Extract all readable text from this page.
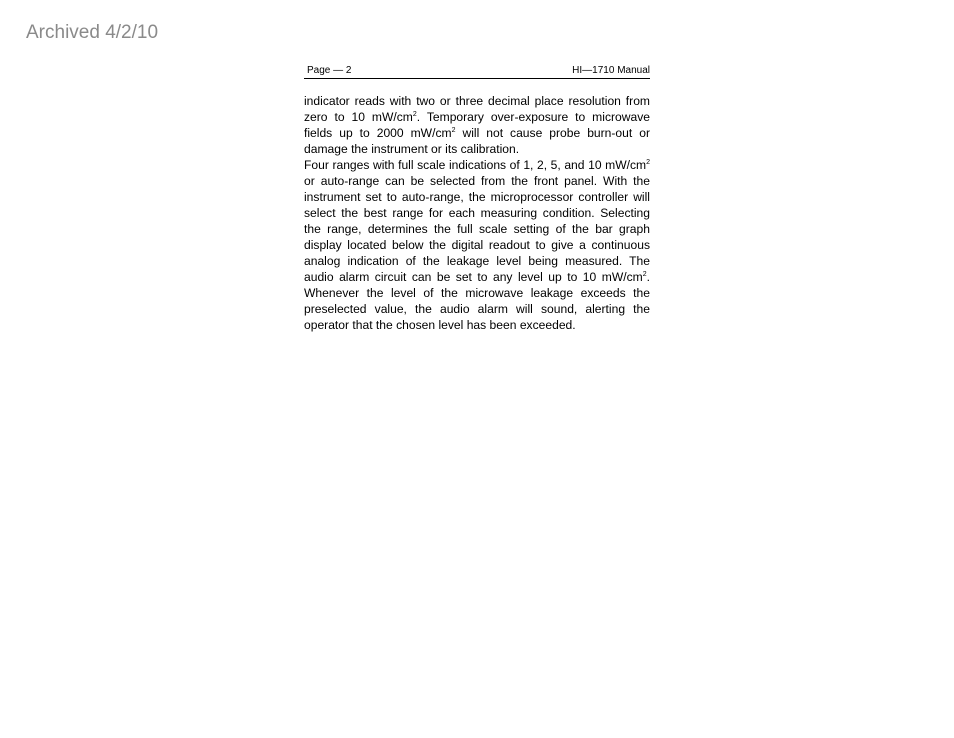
Archived 4/2/10
Page — 2	HI—1710 Manual

indicator reads with two or three decimal place resolution from zero to 10 $mW/cm^2$. Temporary over-exposure to microwave fields up to 2000 $mW/cm^2$ will not cause probe burn-out or damage the instrument or its calibration.

Four ranges with full scale indications of 1, 2, 5, and 10 $mW/cm^2$ or auto-range can be selected from the front panel. With the instrument set to auto-range, the microprocessor controller will select the best range for each measuring condition. Selecting the range, determines the full scale setting of the bar graph display located below the digital readout to give a continuous analog indication of the leakage level being measured. The audio alarm circuit can be set to any level up to 10 $mW/cm^2$. Whenever the level of the microwave leakage exceeds the preselected value, the audio alarm will sound, alerting the operator that the chosen level has been exceeded.
